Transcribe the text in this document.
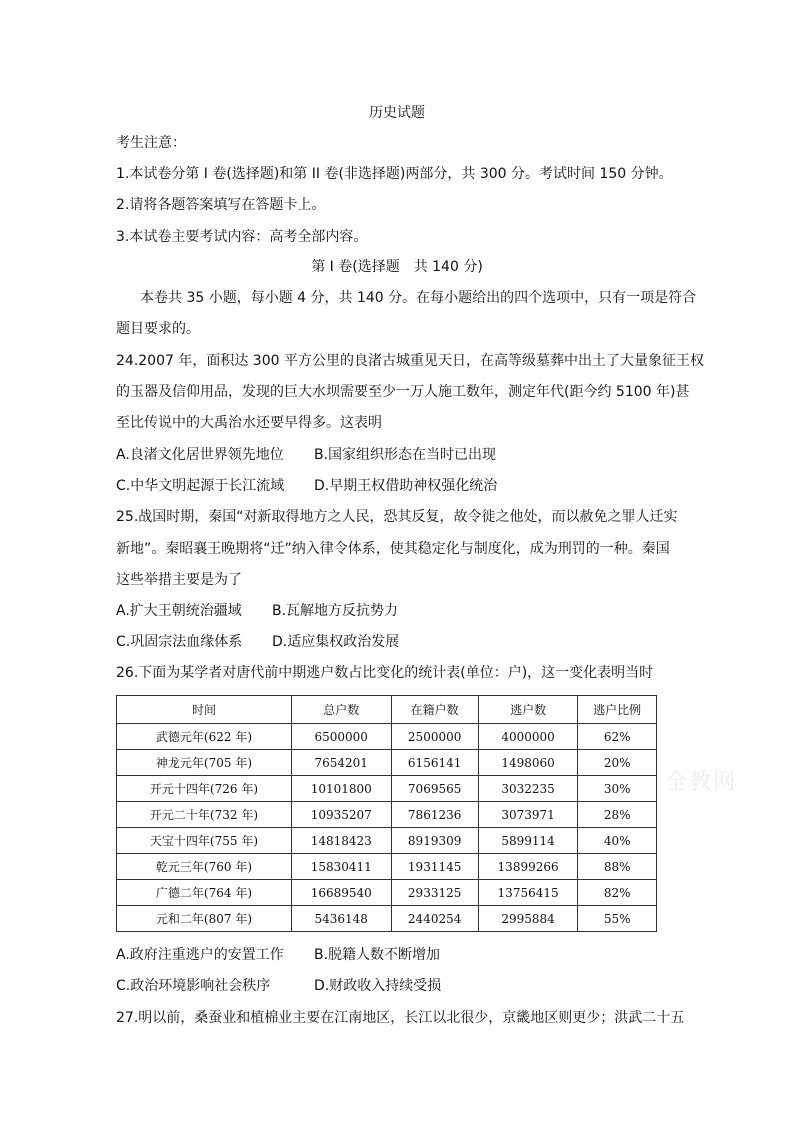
历史试题
考生注意：
1.本试卷分第 I 卷(选择题)和第 II 卷(非选择题)两部分，共 300 分。考试时间 150 分钟。
2.请将各题答案填写在答题卡上。
3.本试卷主要考试内容：高考全部内容。
第 I 卷(选择题　共 140 分)
本卷共 35 小题，每小题 4 分，共 140 分。在每小题给出的四个选项中，只有一项是符合
题目要求的。
24.2007 年，面积达 300 平方公里的良渚古城重见天日，在高等级墓葬中出土了大量象征王权
的玉器及信仰用品，发现的巨大水坝需要至少一万人施工数年，测定年代(距今约 5100 年)甚
至比传说中的大禹治水还要早得多。这表明
A.良渚文化居世界领先地位 B.国家组织形态在当时已出现
C.中华文明起源于长江流域 D.早期王权借助神权强化统治
25.战国时期，秦国“对新取得地方之人民，恐其反复，故令徙之他处，而以赦免之罪人迁实
新地”。秦昭襄王晚期将“迁”纳入律令体系，使其稳定化与制度化，成为刑罚的一种。秦国
这些举措主要是为了
A.扩大王朝统治疆域 B.瓦解地方反抗势力
C.巩固宗法血缘体系 D.适应集权政治发展
26.下面为某学者对唐代前中期逃户数占比变化的统计表(单位：户)，这一变化表明当时
时间	总户数	在籍户数	逃户数	逃户比例
武德元年(622 年)	6500000	2500000	4000000	62%
神龙元年(705 年)	7654201	6156141	1498060	20%
开元十四年(726 年)	10101800	7069565	3032235	30%
开元二十年(732 年)	10935207	7861236	3073971	28%
天宝十四年(755 年)	14818423	8919309	5899114	40%
乾元三年(760 年)	15830411	1931145	13899266	88%
广德二年(764 年)	16689540	2933125	13756415	82%
元和二年(807 年)	5436148	2440254	2995884	55%
全教网
A.政府注重逃户的安置工作 B.脱籍人数不断增加
C.政治环境影响社会秩序	D.财政收入持续受损
27.明以前，桑蚕业和植棉业主要在江南地区，长江以北很少，京畿地区则更少；洪武二十五
